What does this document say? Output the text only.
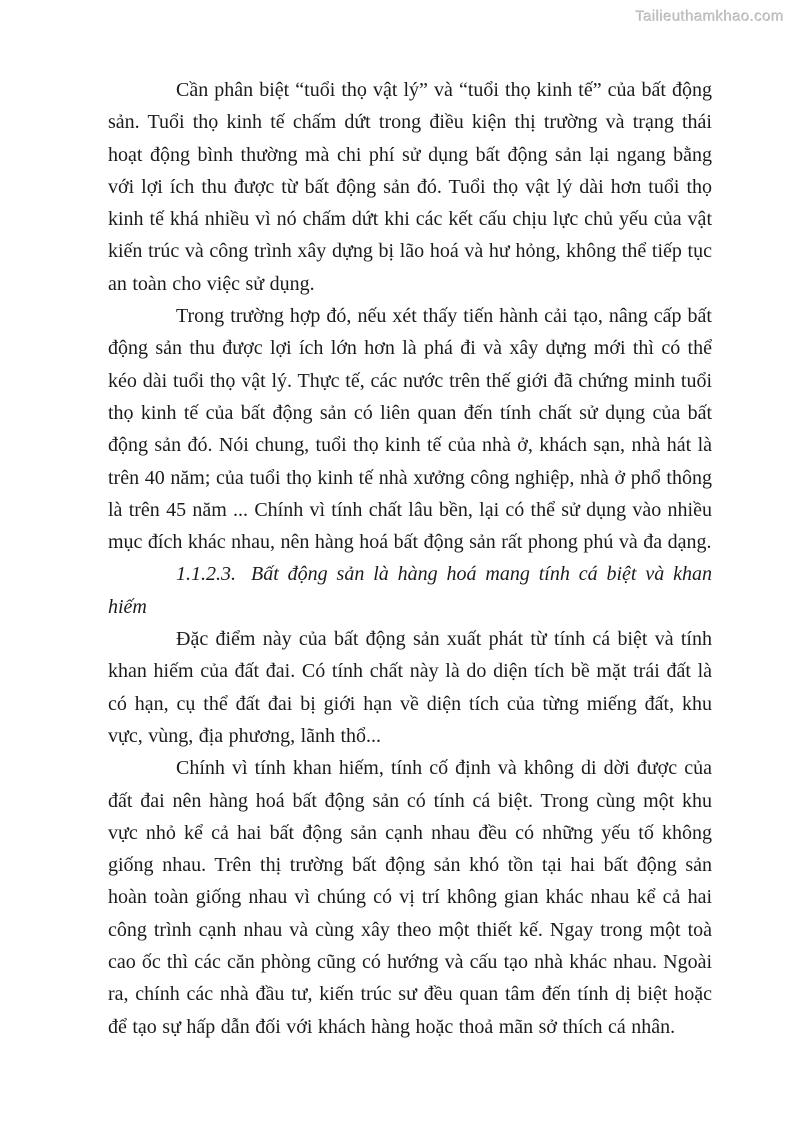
Tailieuthamkhao.com

Cần phân biệt “tuổi thọ vật lý” và “tuổi thọ kinh tế” của bất động sản. Tuổi thọ kinh tế chấm dứt trong điều kiện thị trường và trạng thái hoạt động bình thường mà chi phí sử dụng bất động sản lại ngang bằng với lợi ích thu được từ bất động sản đó. Tuổi thọ vật lý dài hơn tuổi thọ kinh tế khá nhiều vì nó chấm dứt khi các kết cấu chịu lực chủ yếu của vật kiến trúc và công trình xây dựng bị lão hoá và hư hỏng, không thể tiếp tục an toàn cho việc sử dụng.

Trong trường hợp đó, nếu xét thấy tiến hành cải tạo, nâng cấp bất động sản thu được lợi ích lớn hơn là phá đi và xây dựng mới thì có thể kéo dài tuổi thọ vật lý. Thực tế, các nước trên thế giới đã chứng minh tuổi thọ kinh tế của bất động sản có liên quan đến tính chất sử dụng của bất động sản đó. Nói chung, tuổi thọ kinh tế của nhà ở, khách sạn, nhà hát là trên 40 năm; của tuổi thọ kinh tế nhà xưởng công nghiệp, nhà ở phổ thông là trên 45 năm ... Chính vì tính chất lâu bền, lại có thể sử dụng vào nhiều mục đích khác nhau, nên hàng hoá bất động sản rất phong phú và đa dạng.

1.1.2.3. Bất động sản là hàng hoá mang tính cá biệt và khan hiếm

Đặc điểm này của bất động sản xuất phát từ tính cá biệt và tính khan hiếm của đất đai. Có tính chất này là do diện tích bề mặt trái đất là có hạn, cụ thể đất đai bị giới hạn về diện tích của từng miếng đất, khu vực, vùng, địa phương, lãnh thổ...

Chính vì tính khan hiếm, tính cố định và không di dời được của đất đai nên hàng hoá bất động sản có tính cá biệt. Trong cùng một khu vực nhỏ kể cả hai bất động sản cạnh nhau đều có những yếu tố không giống nhau. Trên thị trường bất động sản khó tồn tại hai bất động sản hoàn toàn giống nhau vì chúng có vị trí không gian khác nhau kể cả hai công trình cạnh nhau và cùng xây theo một thiết kế. Ngay trong một toà cao ốc thì các căn phòng cũng có hướng và cấu tạo nhà khác nhau. Ngoài ra, chính các nhà đầu tư, kiến trúc sư đều quan tâm đến tính dị biệt hoặc để tạo sự hấp dẫn đối với khách hàng hoặc thoả mãn sở thích cá nhân.
